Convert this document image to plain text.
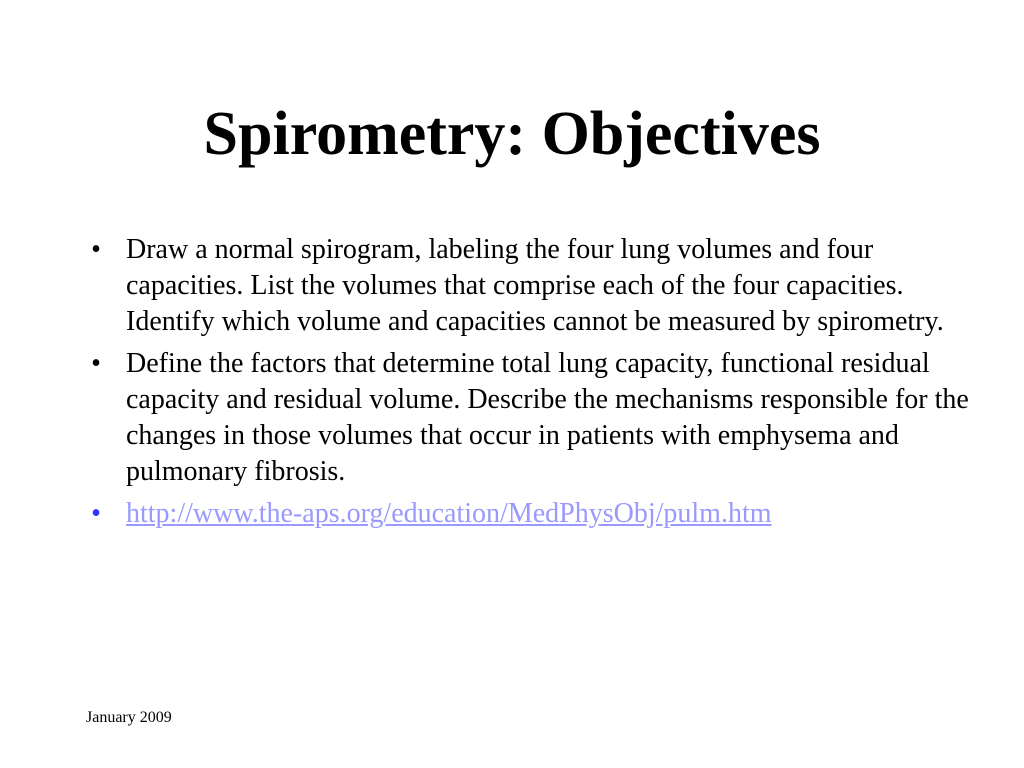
Spirometry: Objectives
• Draw a normal spirogram, labeling the four lung volumes and four capacities. List the volumes that comprise each of the four capacities. Identify which volume and capacities cannot be measured by spirometry.
• Define the factors that determine total lung capacity, functional residual capacity and residual volume. Describe the mechanisms responsible for the changes in those volumes that occur in patients with emphysema and pulmonary fibrosis.
• http://www.the-aps.org/education/MedPhysObj/pulm.htm
January 2009
